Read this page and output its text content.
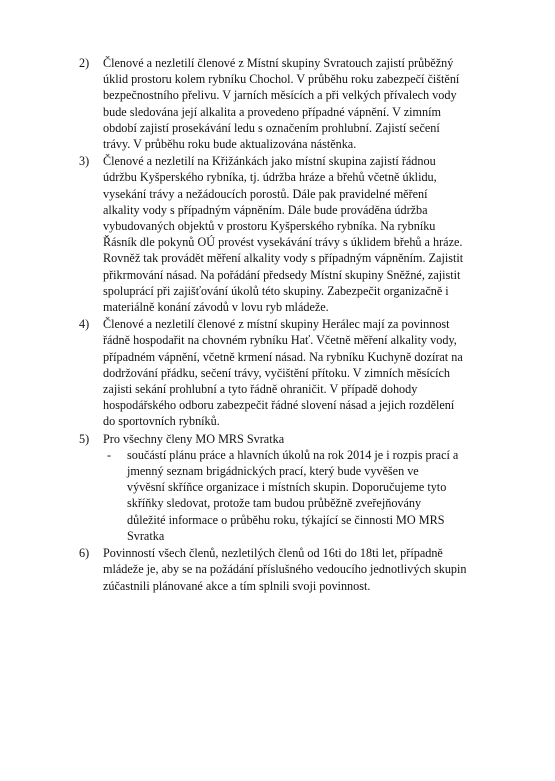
2) Členové a nezletilí členové z Místní skupiny Svratouch zajistí průběžný
úklid prostoru kolem rybníku Chochol. V průběhu roku zabezpečí čištění
bezpečnostního přelivu. V jarních měsících a při velkých přívalech vody
bude sledována její alkalita a provedeno případné vápnění. V zimním
období zajistí prosekávání ledu s označením prohlubní. Zajistí sečení
trávy. V průběhu roku bude aktualizována nástěnka.
3) Členové a nezletilí na Křižánkách jako místní skupina zajistí řádnou
údržbu Kyšperského rybníka, tj. údržba hráze a břehů včetně úklidu,
vysekání trávy a nežádoucích porostů. Dále pak pravidelné měření
alkality vody s případným vápněním. Dále bude prováděna údržba
vybudovaných objektů v prostoru Kyšperského rybníka. Na rybníku
Řásník dle pokynů OÚ provést vysekávání trávy s úklidem břehů a hráze.
Rovněž tak provádět měření alkality vody s případným vápněním. Zajistit
přikrmování násad. Na pořádání předsedy Místní skupiny Sněžné, zajistit
spoluprácí při zajišťování úkolů této skupiny. Zabezpečit organizačně i
materiálně konání závodů v lovu ryb mládeže.
4) Členové a nezletilí členové z místní skupiny Herálec mají za povinnost
řádně hospodařit na chovném rybníku Hať. Včetně měření alkality vody,
případném vápnění, včetně krmení násad. Na rybníku Kuchyně dozírat na
dodržování přádku, sečení trávy, vyčištění přítoku. V zimních měsících
zajisti sekání prohlubní a tyto řádně ohraničit. V případě dohody
hospodářského odboru zabezpečit řádné slovení násad a jejich rozdělení
do sportovních rybníků.
5) Pro všechny členy MO MRS Svratka
- součástí plánu práce a hlavních úkolů na rok 2014 je i rozpis prací a
jmenný seznam brigádnických prací, který bude vyvěšen ve
vývěsní skříňce organizace i místních skupin. Doporučujeme tyto
skříňky sledovat, protože tam budou průběžně zveřejňovány
důležité informace o průběhu roku, týkající se činnosti MO MRS
Svratka
6) Povinností všech členů, nezletilých členů od 16ti do 18ti let, případně
mládeže je, aby se na požádání příslušného vedoucího jednotlivých skupin
zúčastnili plánované akce a tím splnili svoji povinnost.
